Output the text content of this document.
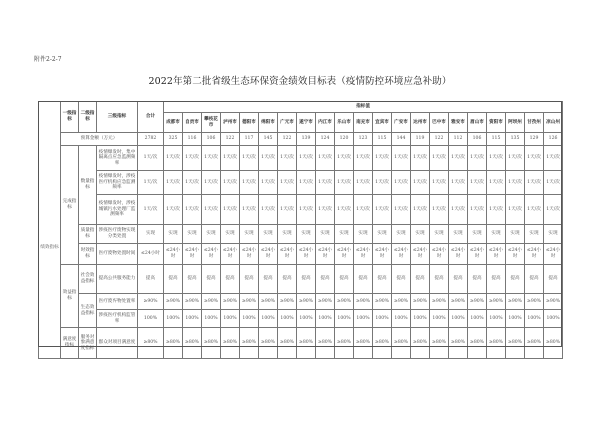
附件2-2-7
2022年第二批省级生态环保资金绩效目标表（疫情防控环境应急补助）
绩效指标	一级指标	二级指标	三级指标	合计	指标值																				
					成都市	自贡市	攀枝花市	泸州市	德阳市	绵阳市	广元市	遂宁市	内江市	乐山市	南充市	宜宾市	广安市	达州市	巴中市	雅安市	眉山市	资阳市	阿坝州	甘孜州	凉山州
	预算金额（万元）			2782	325	116	106	122	117	145	122	139	124	120	123	115	144	119	122	112	106	115	135	129	126
	完成指标	数量指标	疫情爆发时，集中隔离点应急监测频率	1天/次	1天/次	1天/次	1天/次	1天/次	1天/次	1天/次	1天/次	1天/次	1天/次	1天/次	1天/次	1天/次	1天/次	1天/次	1天/次	1天/次	1天/次	1天/次	1天/次	1天/次	1天/次
			疫情爆发时，涉疫医疗机构应急监测频率	1天/次	1天/次	1天/次	1天/次	1天/次	1天/次	1天/次	1天/次	1天/次	1天/次	1天/次	1天/次	1天/次	1天/次	1天/次	1天/次	1天/次	1天/次	1天/次	1天/次	1天/次	1天/次
			疫情爆发时，涉疫城镇污水处理厂监测频率	1天/次	1天/次	1天/次	1天/次	1天/次	1天/次	1天/次	1天/次	1天/次	1天/次	1天/次	1天/次	1天/次	1天/次	1天/次	1天/次	1天/次	1天/次	1天/次	1天/次	1天/次	1天/次
		质量指标	涉疫医疗废物实现分类处置	实现	实现	实现	实现	实现	实现	实现	实现	实现	实现	实现	实现	实现	实现	实现	实现	实现	实现	实现	实现	实现	实现
		时效指标	医疗废物处置时间	≤24小时	≤24小时	≤24小时	≤24小时	≤24小时	≤24小时	≤24小时	≤24小时	≤24小时	≤24小时	≤24小时	≤24小时	≤24小时	≤24小时	≤24小时	≤24小时	≤24小时	≤24小时	≤24小时	≤24小时	≤24小时	≤24小时
	效益指标	社会效益指标	提高公共服务能力	提高	提高	提高	提高	提高	提高	提高	提高	提高	提高	提高	提高	提高	提高	提高	提高	提高	提高	提高	提高	提高	提高
		生态效益指标	医疗废弃物处置率	≥90%	≥90%	≥90%	≥90%	≥90%	≥90%	≥90%	≥90%	≥90%	≥90%	≥90%	≥90%	≥90%	≥90%	≥90%	≥90%	≥90%	≥90%	≥90%	≥90%	≥90%	≥90%
			涉疫医疗机构监管率	100%	100%	100%	100%	100%	100%	100%	100%	100%	100%	100%	100%	100%	100%	100%	100%	100%	100%	100%	100%	100%	100%
	满意度指标	服务对象满意度指标	群众对项目满意度	≥80%	≥80%	≥80%	≥80%	≥80%	≥80%	≥80%	≥80%	≥80%	≥80%	≥80%	≥80%	≥80%	≥80%	≥80%	≥80%	≥80%	≥80%	≥80%	≥80%	≥80%	≥80%
